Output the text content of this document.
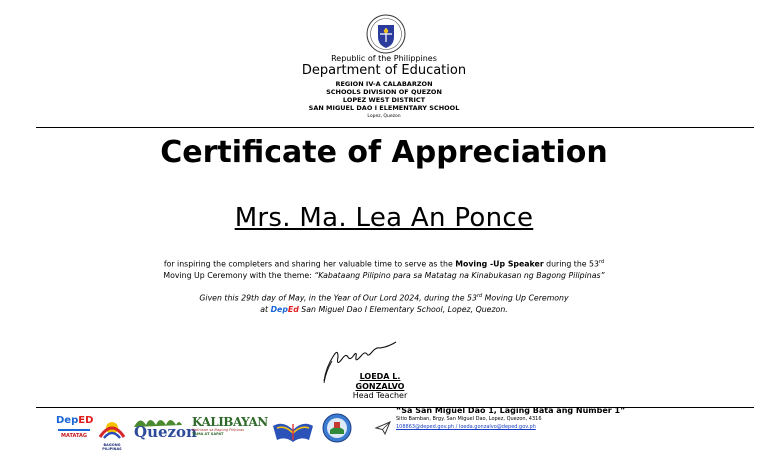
Republic of the Philippines
Department of Education
REGION IV-A CALABARZON
SCHOOLS DIVISION OF QUEZON
LOPEZ WEST DISTRICT
SAN MIGUEL DAO I ELEMENTARY SCHOOL
Lopez, Quezon
Certificate of Appreciation
Mrs. Ma. Lea An Ponce
for inspiring the completers and sharing her valuable time to serve as the Moving -Up Speaker during the 53rd
Moving Up Ceremony with the theme: “Kabataang Pilipino para sa Matatag na Kinabukasan ng Bagong Pilipinas”
Given this 29th day of May, in the Year of Our Lord 2024, during the 53rd Moving Up Ceremony
at DepEd San Miguel Dao I Elementary School, Lopez, Quezon.
LOEDA L.
GONZALVO
Head Teacher
DepED
MATATAG
BAGONG PILIPINAS
Quezon
KALIBAYAN
Kalinisan sa Bagong Pilipinas
TAMA AT SAPAT
“Sa San Miguel Dao 1, Laging Bata ang Number 1”
Sitio Bamban, Brgy. San Miguel Dao, Lopez, Quezon, 4316
108863@deped.gov.ph / loeda.gonzalvo@deped.gov.ph
